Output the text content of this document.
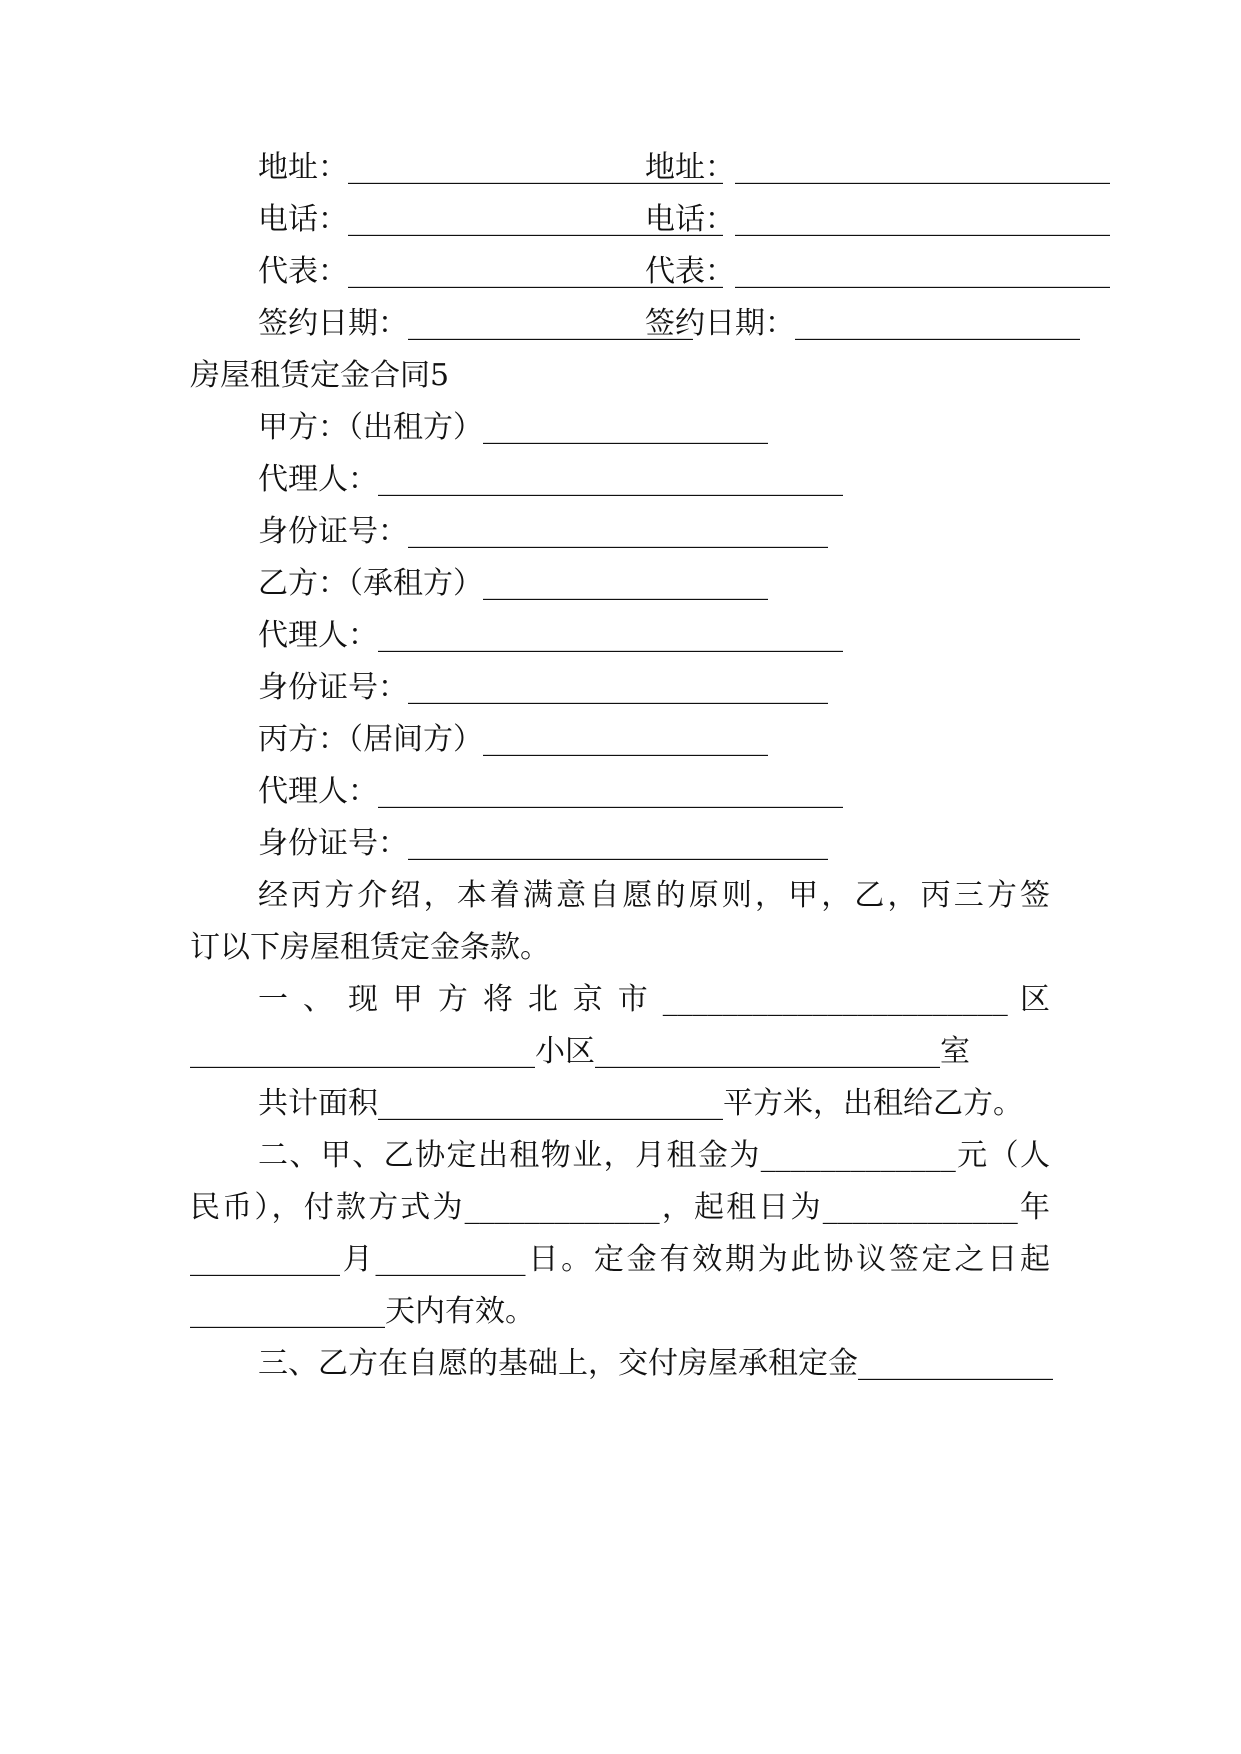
地址：_________________________
地址：_________________________
电话：_________________________
电话：_________________________
代表：_________________________
代表：_________________________
签约日期：___________________
签约日期：___________________
房屋租赁定金合同5
甲方：（出租方）___________________
代理人：_______________________________
身份证号：____________________________
乙方：（承租方）___________________
代理人：_______________________________
身份证号：____________________________
丙方：（居间方）___________________
代理人：_______________________________
身份证号：____________________________
经丙方介绍，本着满意自愿的原则，甲，乙，丙三方签
订以下房屋租赁定金条款。
一 、 现 甲 方 将 北 京 市 _______________________ 区
_______________________小区_______________________室
共计面积_______________________平方米，出租给乙方。
二、甲、乙协定出租物业，月租金为_____________元（人
民币），付款方式为_____________，起租日为_____________年
__________月__________日。定金有效期为此协议签定之日起
_____________天内有效。
三、乙方在自愿的基础上，交付房屋承租定金_____________
